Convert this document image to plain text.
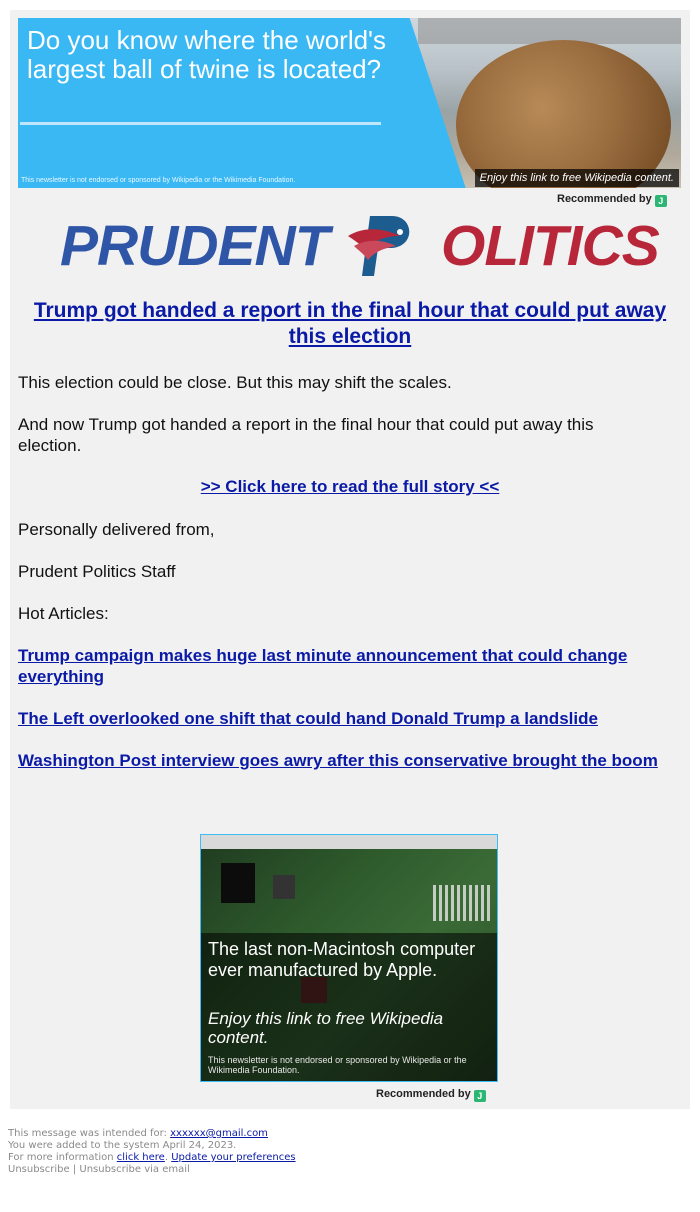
Do you know where the world's largest ball of twine is located?
This newsletter is not endorsed or sponsored by Wikipedia or the Wikimedia Foundation.	Enjoy this link to free Wikipedia content.
Recommended by J
PRUDENT OLITICS
Trump got handed a report in the final hour that could put away this election
This election could be close. But this may shift the scales.
And now Trump got handed a report in the final hour that could put away this election.
>> Click here to read the full story <<
Personally delivered from,
Prudent Politics Staff
Hot Articles:
Trump campaign makes huge last minute announcement that could change everything
The Left overlooked one shift that could hand Donald Trump a landslide
Washington Post interview goes awry after this conservative brought the boom
The last non-Macintosh computer ever manufactured by Apple.
Enjoy this link to free Wikipedia content.
This newsletter is not endorsed or sponsored by Wikipedia or the Wikimedia Foundation.
Recommended by J
This message was intended for: xxxxxx@gmail.com
You were added to the system April 24, 2023.
For more information click here. Update your preferences
Unsubscribe | Unsubscribe via email
